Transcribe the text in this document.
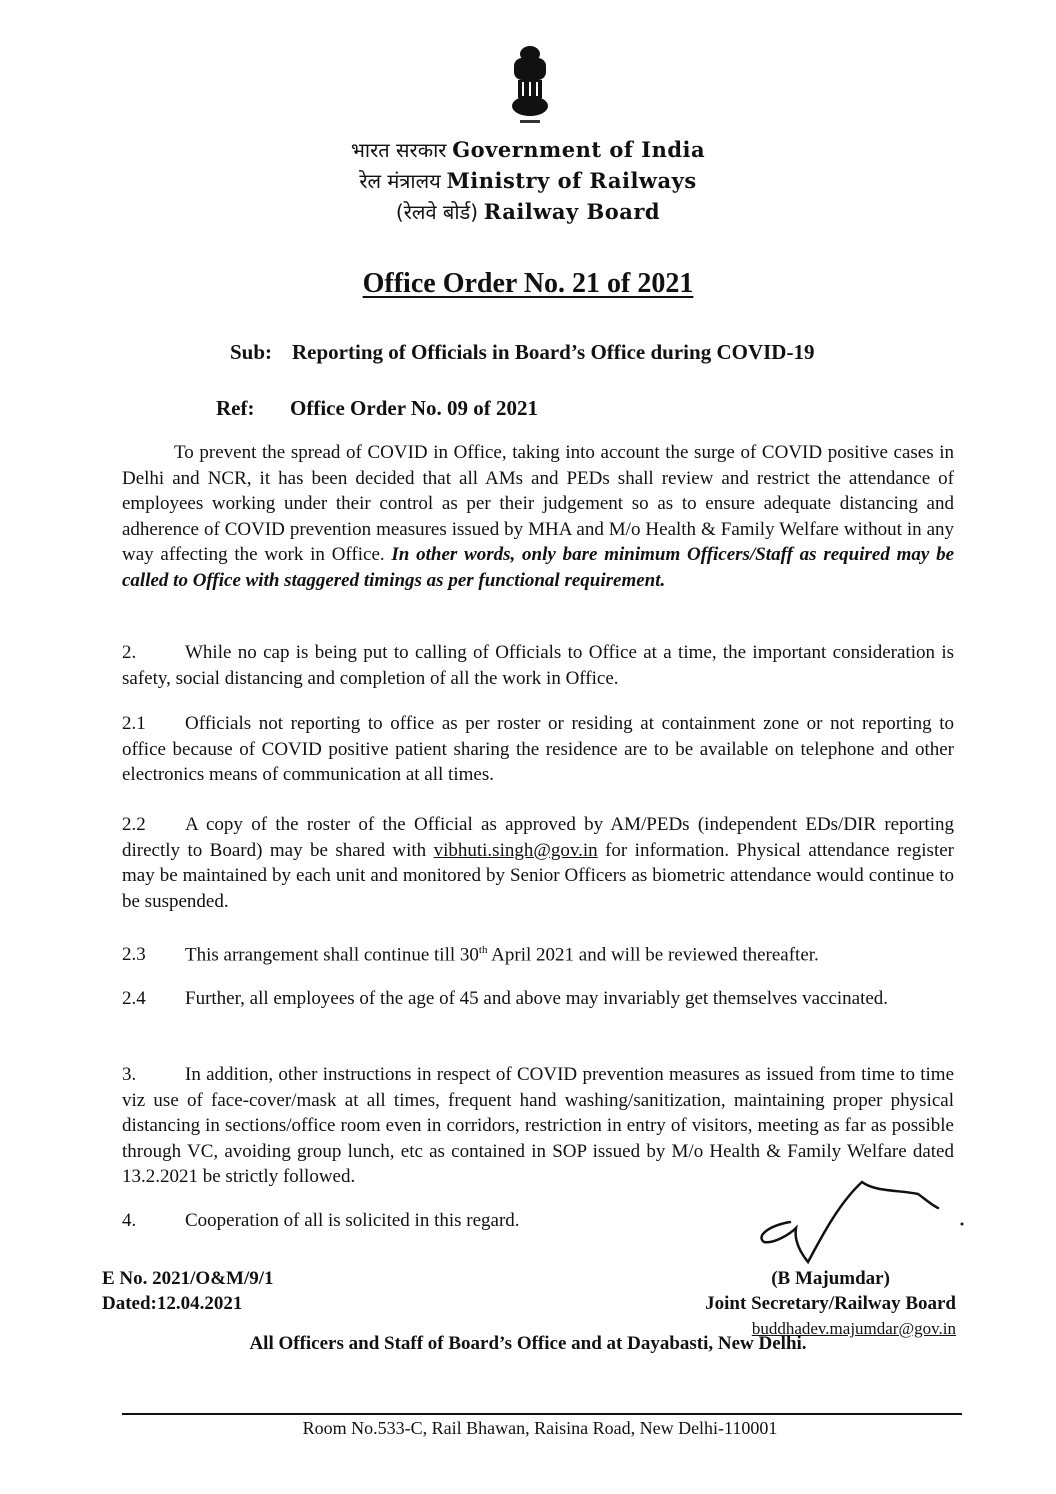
भारत सरकार Government of India
रेल मंत्रालय Ministry of Railways
(रेलवे बोर्ड) Railway Board
Office Order No. 21 of 2021
Sub: Reporting of Officials in Board’s Office during COVID-19
Ref: Office Order No. 09 of 2021
To prevent the spread of COVID in Office, taking into account the surge of COVID positive cases in Delhi and NCR, it has been decided that all AMs and PEDs shall review and restrict the attendance of employees working under their control as per their judgement so as to ensure adequate distancing and adherence of COVID prevention measures issued by MHA and M/o Health & Family Welfare without in any way affecting the work in Office. In other words, only bare minimum Officers/Staff as required may be called to Office with staggered timings as per functional requirement.
2.	While no cap is being put to calling of Officials to Office at a time, the important consideration is safety, social distancing and completion of all the work in Office.
2.1 Officials not reporting to office as per roster or residing at containment zone or not reporting to office because of COVID positive patient sharing the residence are to be available on telephone and other electronics means of communication at all times.
2.2 A copy of the roster of the Official as approved by AM/PEDs (independent EDs/DIR reporting directly to Board) may be shared with vibhuti.singh@gov.in for information. Physical attendance register may be maintained by each unit and monitored by Senior Officers as biometric attendance would continue to be suspended.
2.3 This arrangement shall continue till 30th April 2021 and will be reviewed thereafter.
2.4 Further, all employees of the age of 45 and above may invariably get themselves vaccinated.
3.	In addition, other instructions in respect of COVID prevention measures as issued from time to time viz use of face-cover/mask at all times, frequent hand washing/sanitization, maintaining proper physical distancing in sections/office room even in corridors, restriction in entry of visitors, meeting as far as possible through VC, avoiding group lunch, etc as contained in SOP issued by M/o Health & Family Welfare dated 13.2.2021 be strictly followed.
4.	Cooperation of all is solicited in this regard.
E No. 2021/O&M/9/1
Dated:12.04.2021
(B Majumdar)
Joint Secretary/Railway Board
buddhadev.majumdar@gov.in
All Officers and Staff of Board’s Office and at Dayabasti, New Delhi.
Room No.533-C, Rail Bhawan, Raisina Road, New Delhi-110001
